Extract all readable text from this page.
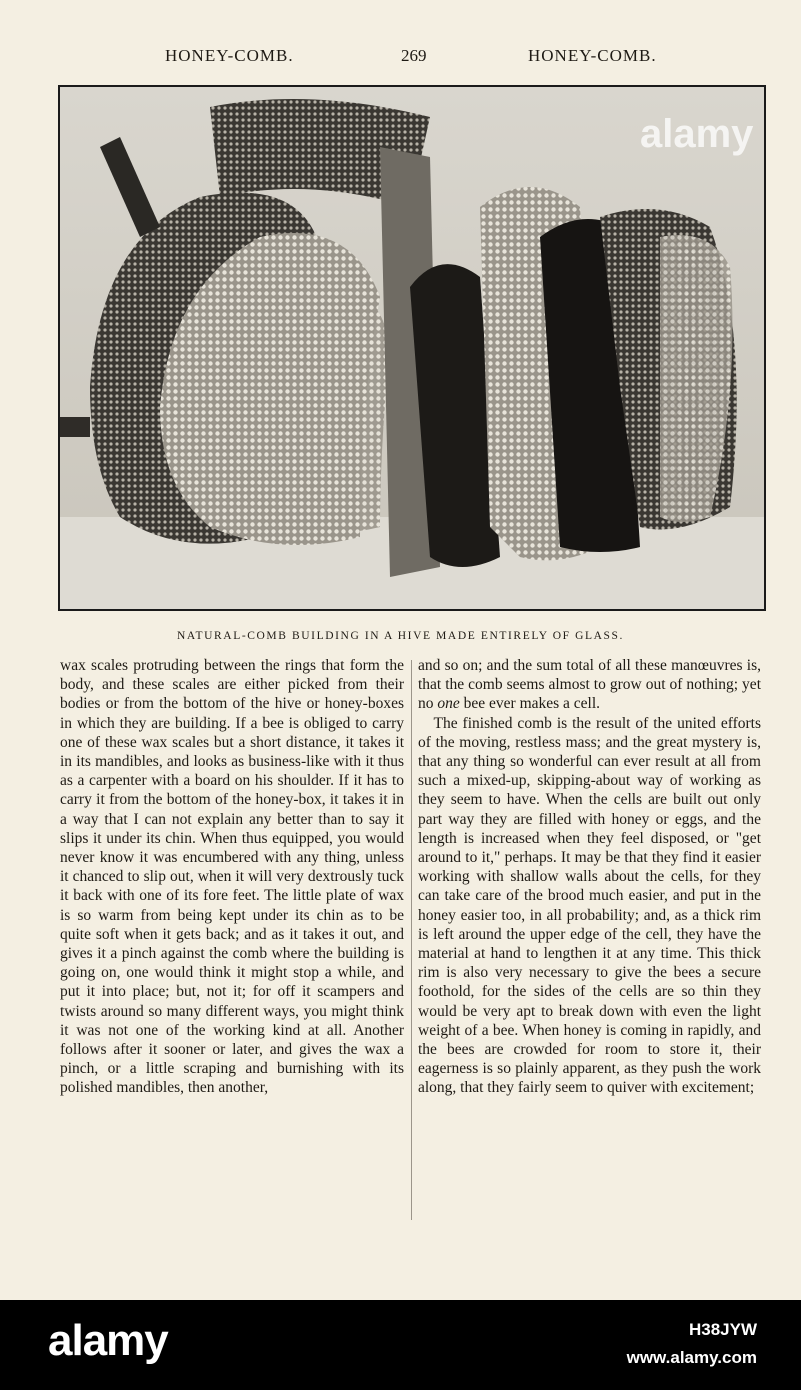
HONEY-COMB.	269	HONEY-COMB.
alamy
NATURAL-COMB BUILDING IN A HIVE MADE ENTIRELY OF GLASS.

wax scales protruding between the rings that form the body, and these scales are either picked from their bodies or from the bottom of the hive or honey-boxes in which they are building. If a bee is obliged to carry one of these wax scales but a short distance, it takes it in its mandibles, and looks as business-like with it thus as a carpenter with a board on his shoulder. If it has to carry it from the bottom of the honey-box, it takes it in a way that I can not explain any better than to say it slips it under its chin. When thus equipped, you would never know it was encumbered with any thing, unless it chanced to slip out, when it will very dextrously tuck it back with one of its fore feet. The little plate of wax is so warm from being kept under its chin as to be quite soft when it gets back; and as it takes it out, and gives it a pinch against the comb where the building is going on, one would think it might stop a while, and put it into place; but, not it; for off it scampers and twists around so many different ways, you might think it was not one of the working kind at all. Another follows after it sooner or later, and gives the wax a pinch, or a little scraping and burnishing with its polished mandibles, then another,

and so on; and the sum total of all these manœuvres is, that the comb seems almost to grow out of nothing; yet no one bee ever makes a cell.

The finished comb is the result of the united efforts of the moving, restless mass; and the great mystery is, that any thing so wonderful can ever result at all from such a mixed-up, skipping-about way of working as they seem to have. When the cells are built out only part way they are filled with honey or eggs, and the length is increased when they feel disposed, or "get around to it," perhaps. It may be that they find it easier working with shallow walls about the cells, for they can take care of the brood much easier, and put in the honey easier too, in all probability; and, as a thick rim is left around the upper edge of the cell, they have the material at hand to lengthen it at any time. This thick rim is also very necessary to give the bees a secure foothold, for the sides of the cells are so thin they would be very apt to break down with even the light weight of a bee. When honey is coming in rapidly, and the bees are crowded for room to store it, their eagerness is so plainly apparent, as they push the work along, that they fairly seem to quiver with excitement;

alamy	H38JYW
www.alamy.com
